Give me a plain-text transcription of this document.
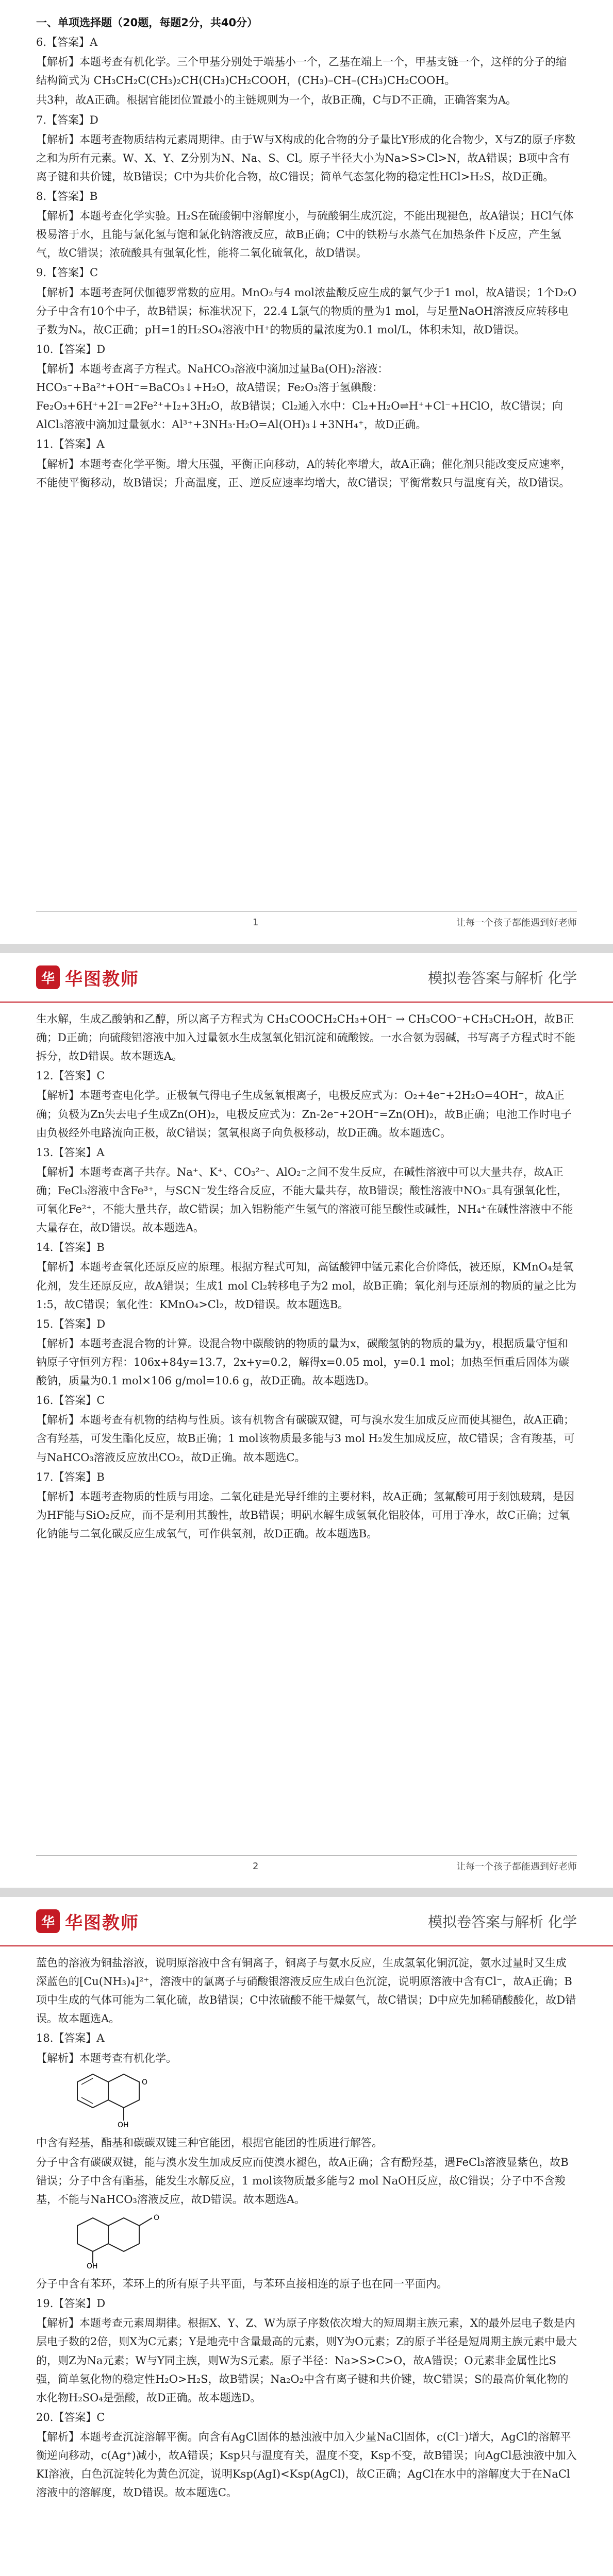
一、单项选择题（20题，每题2分，共40分）

6.【答案】A

【解析】本题考查有机化学。三个甲基分别处于端基小一个，乙基在端上一个，甲基支链一个，这样的分子的缩结构简式为 CH₃CH₂C(CH₃)₂CH(CH₃)CH₂COOH，(CH₃)–CH–(CH₃)CH₂COOH。

共3种，故A正确。根据官能团位置最小的主链规则为一个，故B正确，C与D不正确，正确答案为A。

7.【答案】D

【解析】本题考查物质结构元素周期律。由于W与X构成的化合物的分子量比Y形成的化合物少，X与Z的原子序数之和为所有元素。W、X、Y、Z分别为N、Na、S、Cl。原子半径大小为Na>S>Cl>N，故A错误；B项中含有离子键和共价键，故B错误；C中为共价化合物，故C错误；简单气态氢化物的稳定性HCl>H₂S，故D正确。

8.【答案】B

【解析】本题考查化学实验。H₂S在硫酸铜中溶解度小，与硫酸铜生成沉淀，不能出现褪色，故A错误；HCl气体极易溶于水，且能与氯化氢与饱和氯化钠溶液反应，故B正确；C中的铁粉与水蒸气在加热条件下反应，产生氢气，故C错误；浓硫酸具有强氧化性，能将二氧化硫氧化，故D错误。

9.【答案】C

【解析】本题考查阿伏伽德罗常数的应用。MnO₂与4 mol浓盐酸反应生成的氯气少于1 mol，故A错误；1个D₂O分子中含有10个中子，故B错误；标准状况下，22.4 L氯气的物质的量为1 mol，与足量NaOH溶液反应转移电子数为Nₐ，故C正确；pH=1的H₂SO₄溶液中H⁺的物质的量浓度为0.1 mol/L，体积未知，故D错误。

10.【答案】D

【解析】本题考查离子方程式。NaHCO₃溶液中滴加过量Ba(OH)₂溶液：HCO₃⁻+Ba²⁺+OH⁻=BaCO₃↓+H₂O，故A错误；Fe₂O₃溶于氢碘酸：Fe₂O₃+6H⁺+2I⁻=2Fe²⁺+I₂+3H₂O，故B错误；Cl₂通入水中：Cl₂+H₂O⇌H⁺+Cl⁻+HClO，故C错误；向AlCl₃溶液中滴加过量氨水：Al³⁺+3NH₃·H₂O=Al(OH)₃↓+3NH₄⁺，故D正确。

11.【答案】A

【解析】本题考查化学平衡。增大压强，平衡正向移动，A的转化率增大，故A正确；催化剂只能改变反应速率，不能使平衡移动，故B错误；升高温度，正、逆反应速率均增大，故C错误；平衡常数只与温度有关，故D错误。

1	让每一个孩子都能遇到好老师
华 华图教师	模拟卷答案与解析 化学

生水解，生成乙酸钠和乙醇，所以离子方程式为 CH₃COOCH₂CH₃+OH⁻ → CH₃COO⁻+CH₃CH₂OH，故B正确；D正确；向硫酸铝溶液中加入过量氨水生成氢氧化铝沉淀和硫酸铵。一水合氨为弱碱，书写离子方程式时不能拆分，故D错误。故本题选A。

12.【答案】C

【解析】本题考查电化学。正极氧气得电子生成氢氧根离子，电极反应式为：O₂+4e⁻+2H₂O=4OH⁻，故A正确；负极为Zn失去电子生成Zn(OH)₂，电极反应式为：Zn-2e⁻+2OH⁻=Zn(OH)₂，故B正确；电池工作时电子由负极经外电路流向正极，故C错误；氢氧根离子向负极移动，故D正确。故本题选C。

13.【答案】A

【解析】本题考查离子共存。Na⁺、K⁺、CO₃²⁻、AlO₂⁻之间不发生反应，在碱性溶液中可以大量共存，故A正确；FeCl₃溶液中含Fe³⁺，与SCN⁻发生络合反应，不能大量共存，故B错误；酸性溶液中NO₃⁻具有强氧化性，可氧化Fe²⁺，不能大量共存，故C错误；加入铝粉能产生氢气的溶液可能呈酸性或碱性，NH₄⁺在碱性溶液中不能大量存在，故D错误。故本题选A。

14.【答案】B

【解析】本题考查氧化还原反应的原理。根据方程式可知，高锰酸钾中锰元素化合价降低，被还原，KMnO₄是氧化剂，发生还原反应，故A错误；生成1 mol Cl₂转移电子为2 mol，故B正确；氧化剂与还原剂的物质的量之比为1:5，故C错误；氧化性：KMnO₄>Cl₂，故D错误。故本题选B。

15.【答案】D

【解析】本题考查混合物的计算。设混合物中碳酸钠的物质的量为x，碳酸氢钠的物质的量为y，根据质量守恒和钠原子守恒列方程：106x+84y=13.7，2x+y=0.2，解得x=0.05 mol，y=0.1 mol；加热至恒重后固体为碳酸钠，质量为0.1 mol×106 g/mol=10.6 g，故D正确。故本题选D。

16.【答案】C

【解析】本题考查有机物的结构与性质。该有机物含有碳碳双键，可与溴水发生加成反应而使其褪色，故A正确；含有羟基，可发生酯化反应，故B正确；1 mol该物质最多能与3 mol H₂发生加成反应，故C错误；含有羧基，可与NaHCO₃溶液反应放出CO₂，故D正确。故本题选C。

17.【答案】B

【解析】本题考查物质的性质与用途。二氧化硅是光导纤维的主要材料，故A正确；氢氟酸可用于刻蚀玻璃，是因为HF能与SiO₂反应，而不是利用其酸性，故B错误；明矾水解生成氢氧化铝胶体，可用于净水，故C正确；过氧化钠能与二氧化碳反应生成氧气，可作供氧剂，故D正确。故本题选B。

2	让每一个孩子都能遇到好老师
华 华图教师	模拟卷答案与解析 化学

蓝色的溶液为铜盐溶液，说明原溶液中含有铜离子，铜离子与氨水反应，生成氢氧化铜沉淀，氨水过量时又生成深蓝色的[Cu(NH₃)₄]²⁺，溶液中的氯离子与硝酸银溶液反应生成白色沉淀，说明原溶液中含有Cl⁻，故A正确；B项中生成的气体可能为二氧化硫，故B错误；C中浓硫酸不能干燥氨气，故C错误；D中应先加稀硝酸酸化，故D错误。故本题选A。

18.【答案】A

【解析】本题考查有机化学。

OH
O

中含有羟基，酯基和碳碳双键三种官能团，根据官能团的性质进行解答。

分子中含有碳碳双键，能与溴水发生加成反应而使溴水褪色，故A正确；含有酚羟基，遇FeCl₃溶液显紫色，故B错误；分子中含有酯基，能发生水解反应，1 mol该物质最多能与2 mol NaOH反应，故C错误；分子中不含羧基，不能与NaHCO₃溶液反应，故D错误。故本题选A。

O
OH

分子中含有苯环，苯环上的所有原子共平面，与苯环直接相连的原子也在同一平面内。

19.【答案】D

【解析】本题考查元素周期律。根据X、Y、Z、W为原子序数依次增大的短周期主族元素，X的最外层电子数是内层电子数的2倍，则X为C元素；Y是地壳中含量最高的元素，则Y为O元素；Z的原子半径是短周期主族元素中最大的，则Z为Na元素；W与Y同主族，则W为S元素。原子半径：Na>S>C>O，故A错误；O元素非金属性比S强，简单氢化物的稳定性H₂O>H₂S，故B错误；Na₂O₂中含有离子键和共价键，故C错误；S的最高价氧化物的水化物H₂SO₄是强酸，故D正确。故本题选D。

20.【答案】C

【解析】本题考查沉淀溶解平衡。向含有AgCl固体的悬浊液中加入少量NaCl固体，c(Cl⁻)增大，AgCl的溶解平衡逆向移动，c(Ag⁺)减小，故A错误；Ksp只与温度有关，温度不变，Ksp不变，故B错误；向AgCl悬浊液中加入KI溶液，白色沉淀转化为黄色沉淀，说明Ksp(AgI)<Ksp(AgCl)，故C正确；AgCl在水中的溶解度大于在NaCl溶液中的溶解度，故D错误。故本题选C。
